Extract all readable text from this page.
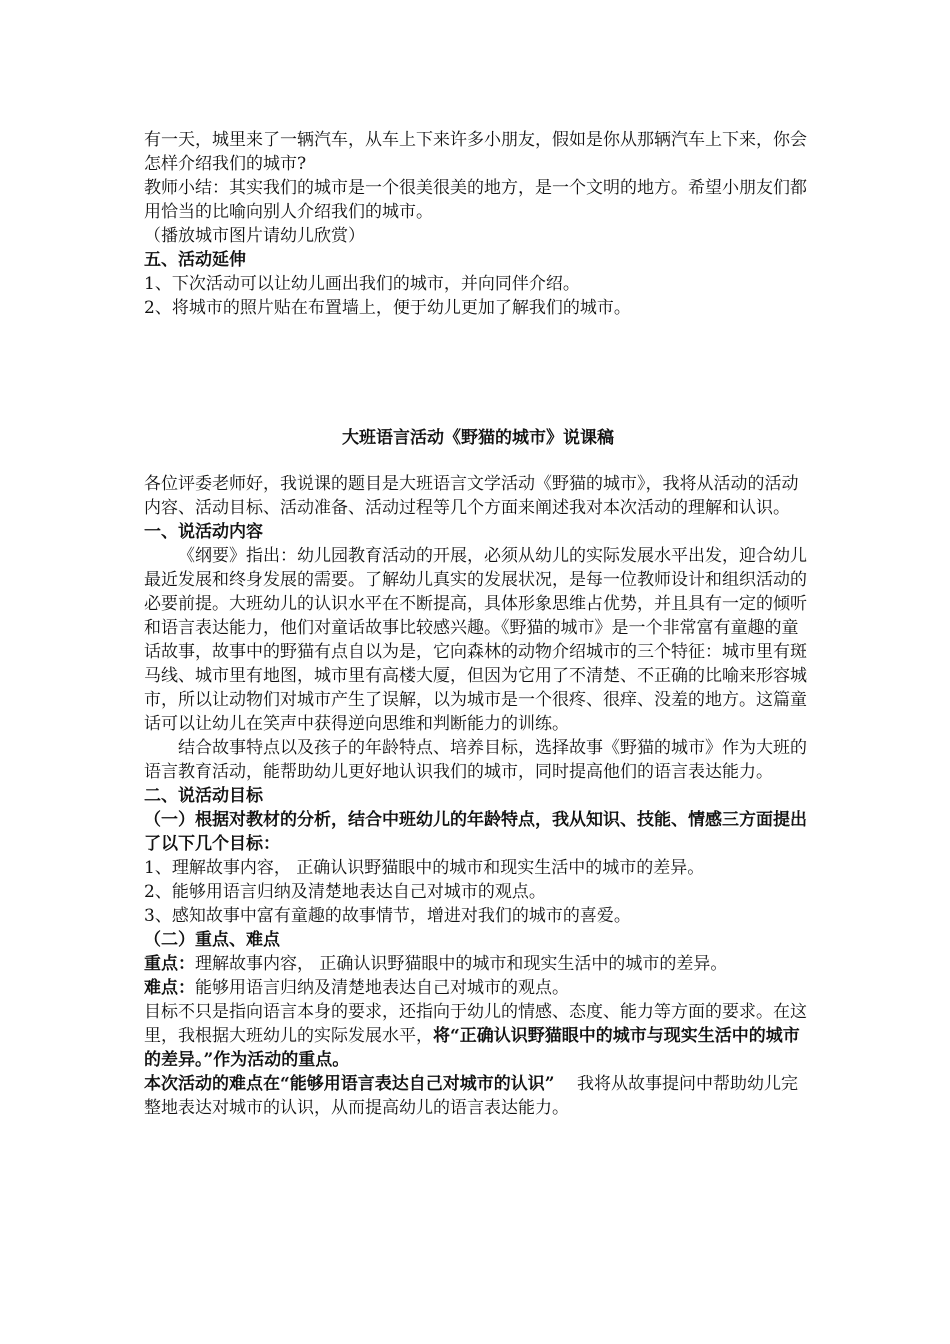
有一天，城里来了一辆汽车，从车上下来许多小朋友，假如是你从那辆汽车上下来，你会怎样介绍我们的城市?

教师小结：其实我们的城市是一个很美很美的地方，是一个文明的地方。希望小朋友们都用恰当的比喻向别人介绍我们的城市。

（播放城市图片请幼儿欣赏）

五、活动延伸

1、下次活动可以让幼儿画出我们的城市，并向同伴介绍。

2、将城市的照片贴在布置墙上，便于幼儿更加了解我们的城市。

大班语言活动《野猫的城市》说课稿

各位评委老师好，我说课的题目是大班语言文学活动《野猫的城市》，我将从活动的活动内容、活动目标、活动准备、活动过程等几个方面来阐述我对本次活动的理解和认识。

一、说活动内容

《纲要》指出：幼儿园教育活动的开展，必须从幼儿的实际发展水平出发，迎合幼儿最近发展和终身发展的需要。了解幼儿真实的发展状况，是每一位教师设计和组织活动的必要前提。大班幼儿的认识水平在不断提高，具体形象思维占优势，并且具有一定的倾听和语言表达能力，他们对童话故事比较感兴趣。《野猫的城市》是一个非常富有童趣的童话故事，故事中的野猫有点自以为是，它向森林的动物介绍城市的三个特征：城市里有斑马线、城市里有地图，城市里有高楼大厦，但因为它用了不清楚、不正确的比喻来形容城市，所以让动物们对城市产生了误解，以为城市是一个很疼、很痒、没羞的地方。这篇童话可以让幼儿在笑声中获得逆向思维和判断能力的训练。

结合故事特点以及孩子的年龄特点、培养目标，选择故事《野猫的城市》作为大班的语言教育活动，能帮助幼儿更好地认识我们的城市，同时提高他们的语言表达能力。

二、说活动目标

（一）根据对教材的分析，结合中班幼儿的年龄特点，我从知识、技能、情感三方面提出了以下几个目标：

1、理解故事内容， 正确认识野猫眼中的城市和现实生活中的城市的差异。

2、能够用语言归纳及清楚地表达自己对城市的观点。

3、感知故事中富有童趣的故事情节，增进对我们的城市的喜爱。

（二）重点、难点

重点：理解故事内容， 正确认识野猫眼中的城市和现实生活中的城市的差异。

难点：能够用语言归纳及清楚地表达自己对城市的观点。

目标不只是指向语言本身的要求，还指向于幼儿的情感、态度、能力等方面的要求。在这里，我根据大班幼儿的实际发展水平，将“正确认识野猫眼中的城市与现实生活中的城市的差异。”作为活动的重点。

本次活动的难点在“能够用语言表达自己对城市的认识”　 我将从故事提问中帮助幼儿完整地表达对城市的认识，从而提高幼儿的语言表达能力。
